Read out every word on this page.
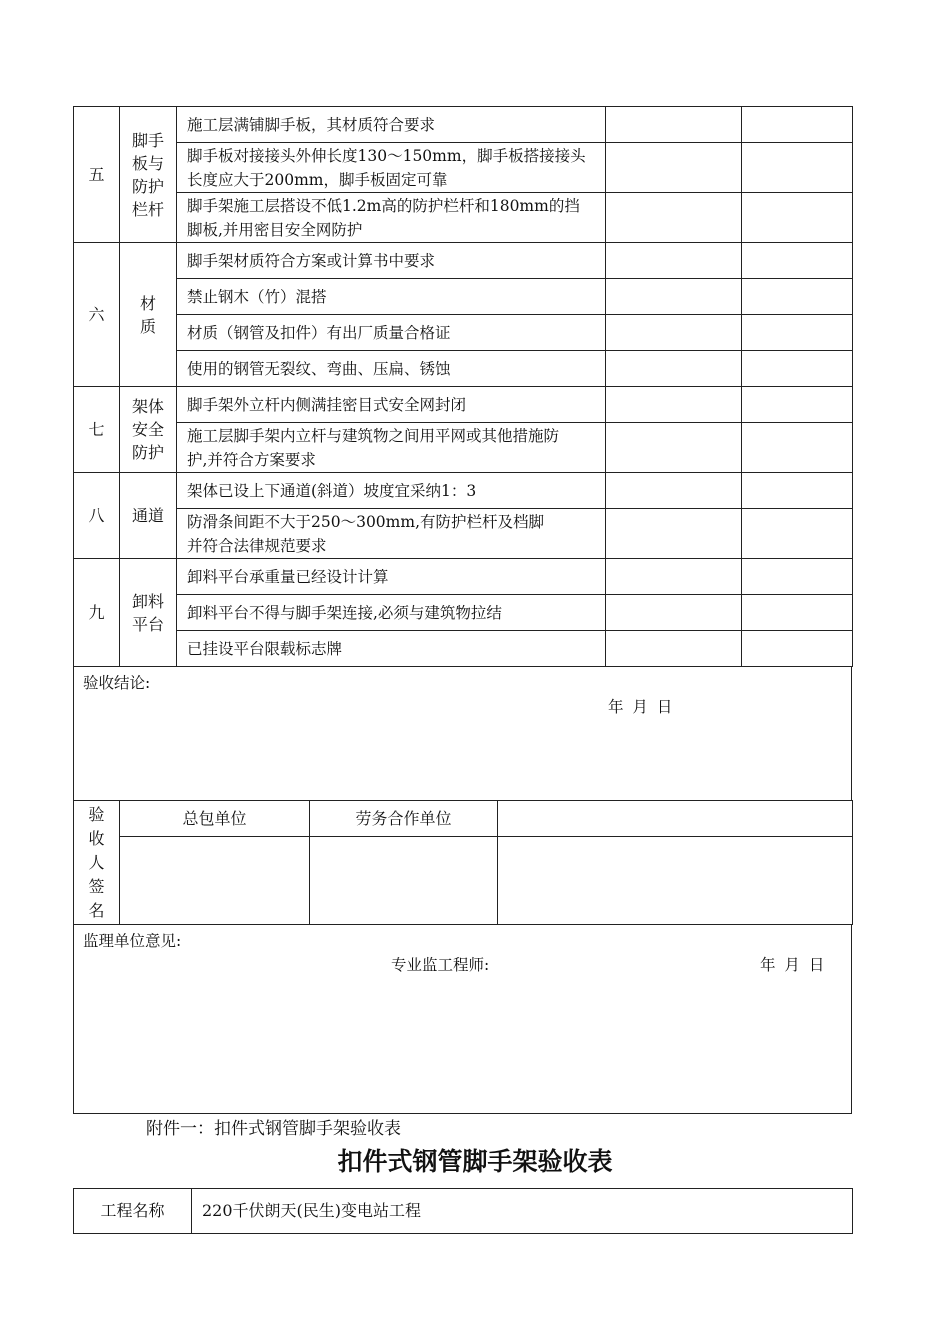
五	脚手
板与
防护
栏杆	施工层满铺脚手板，其材质符合要求		

		脚手板对接接头外伸长度130～150mm，脚手板搭接接头
长度应大于200mm，脚手板固定可靠		

		脚手架施工层搭设不低1.2m高的防护栏杆和180mm的挡
脚板,并用密目安全网防护		

六	材
质	脚手架材质符合方案或计算书中要求		

		禁止钢木（竹）混搭		

		材质（钢管及扣件）有出厂质量合格证		

		使用的钢管无裂纹、弯曲、压扁、锈蚀		

七	架体
安全
防护	脚手架外立杆内侧满挂密目式安全网封闭		

		施工层脚手架内立杆与建筑物之间用平网或其他措施防
护,并符合方案要求		

八	通道	架体已设上下通道(斜道）坡度宜采纳1：3		

		防滑条间距不大于250～300mm,有防护栏杆及档脚
并符合法律规范要求		

九	卸料
平台	卸料平台承重量已经设计计算		

		卸料平台不得与脚手架连接,必须与建筑物拉结		

		已挂设平台限载标志牌		

验收结论:
年 月 日
验
收
人
签
名	总包单位	劳务合作单位	

监理单位意见:
专业监工程师:	年 月 日
附件一：扣件式钢管脚手架验收表
扣件式钢管脚手架验收表
工程名称	220千伏朗天(民生)变电站工程
